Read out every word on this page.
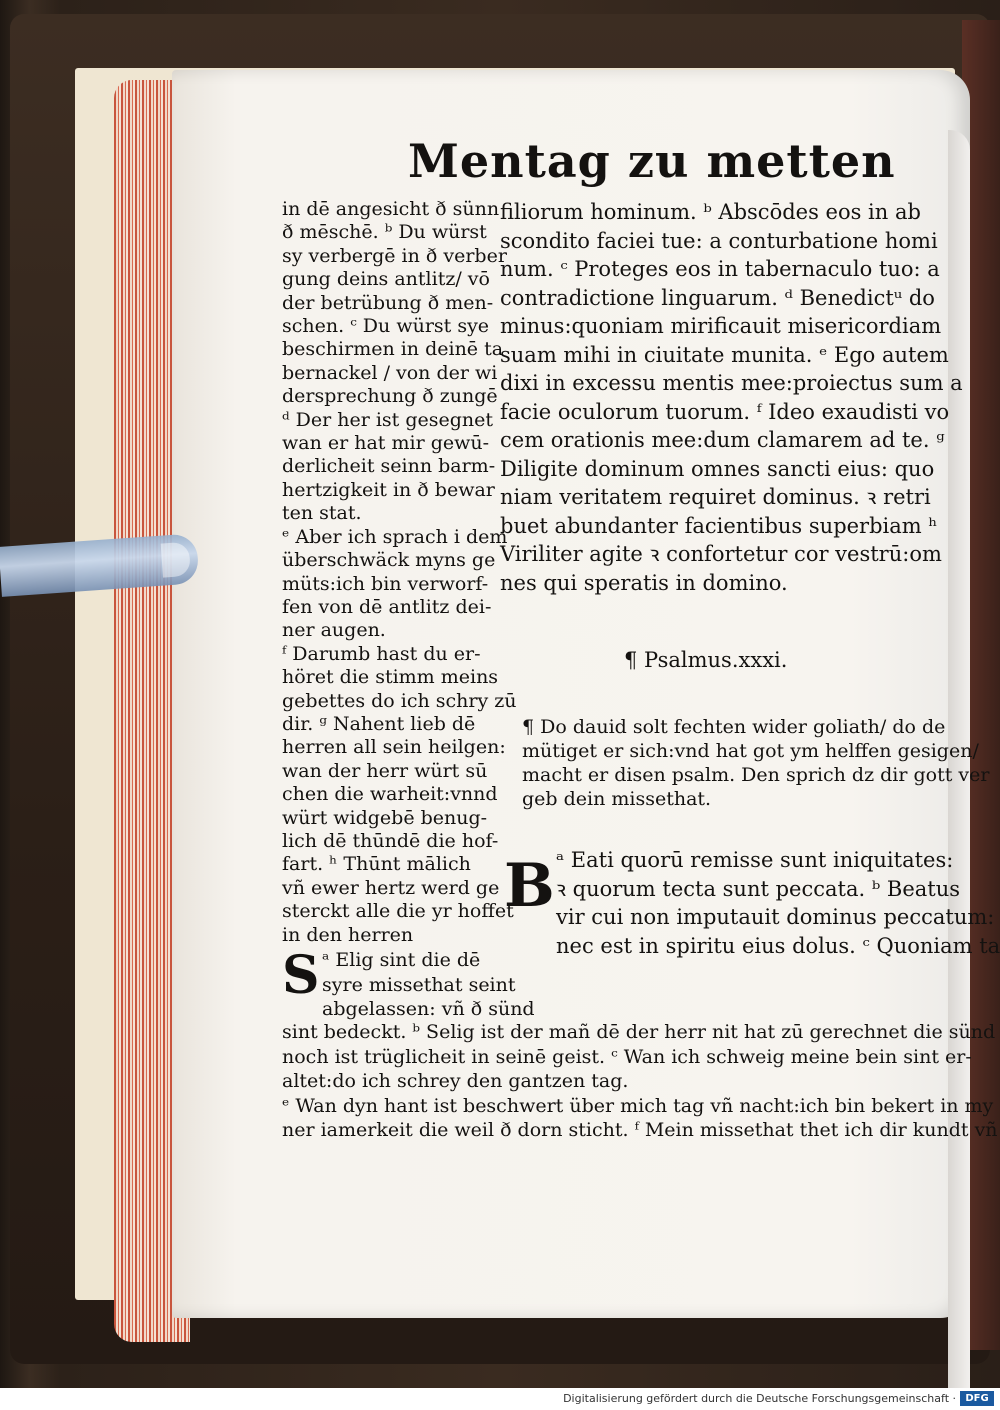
Mentag zu metten
in dē angesicht ð sünn
ð mēschē. ᵇ Du würst
sy verbergē in ð verber
gung deins antlitz/ vō
der betrübung ð men-
schen. ᶜ Du würst sye
beschirmen in deinē ta
bernackel / von der wi
dersprechung ð zungē
ᵈ Der her ist gesegnet
wan er hat mir gewū-
derlicheit seinn barm-
hertzigkeit in ð bewar
ten stat.
ᵉ Aber ich sprach i dem
überschwäck myns ge
müts:ich bin verworf-
fen von dē antlitz dei-
ner augen.
ᶠ Darumb hast du er-
höret die stimm meins
gebettes do ich schry zū
dir. ᵍ Nahent lieb dē
herren all sein heilgen:
wan der herr würt sū
chen die warheit:vnnd
würt widgebē benug-
lich dē thūndē die hof-
fart. ʰ Thūnt mālich
vñ ewer hertz werd ge
sterckt alle die yr hoffet
in den herren
filiorum hominum. ᵇ Abscōdes eos in ab
scondito faciei tue: a conturbatione homi
num. ᶜ Proteges eos in tabernaculo tuo: a
contradictione linguarum. ᵈ Benedictᵘ do
minus:quoniam mirificauit misericordiam
suam mihi in ciuitate munita. ᵉ Ego autem
dixi in excessu mentis mee:proiectus sum a
facie oculorum tuorum. ᶠ Ideo exaudisti vo
cem orationis mee:dum clamarem ad te. ᵍ
Diligite dominum omnes sancti eius: quo
niam veritatem requiret dominus. ꝛ retri
buet abundanter facientibus superbiam ʰ
Viriliter agite ꝛ confortetur cor vestrū:om
nes qui speratis in domino.
¶ Psalmus.xxxi.
¶ Do dauid solt fechten wider goliath/ do de
mütiget er sich:vnd hat got ym helffen gesigen/
macht er disen psalm. Den sprich dz dir gott ver
geb dein missethat.
B ᵃ Eati quorū remisse sunt iniquitates:
ꝛ quorum tecta sunt peccata. ᵇ Beatus
vir cui non imputauit dominus peccatum:
nec est in spiritu eius dolus. ᶜ Quoniam ta
S ᵃ Elig sint die dē
syre missethat seint
abgelassen: vñ ð sünd
sint bedeckt. ᵇ Selig ist der mañ dē der herr nit hat zū gerechnet die sünd
noch ist trüglicheit in seinē geist. ᶜ Wan ich schweig meine bein sint er-
altet:do ich schrey den gantzen tag.
ᵉ Wan dyn hant ist beschwert über mich tag vñ nacht:ich bin bekert in my
ner iamerkeit die weil ð dorn sticht. ᶠ Mein missethat thet ich dir kundt vñ
Digitalisierung gefördert durch die Deutsche Forschungsgemeinschaft · DFG
